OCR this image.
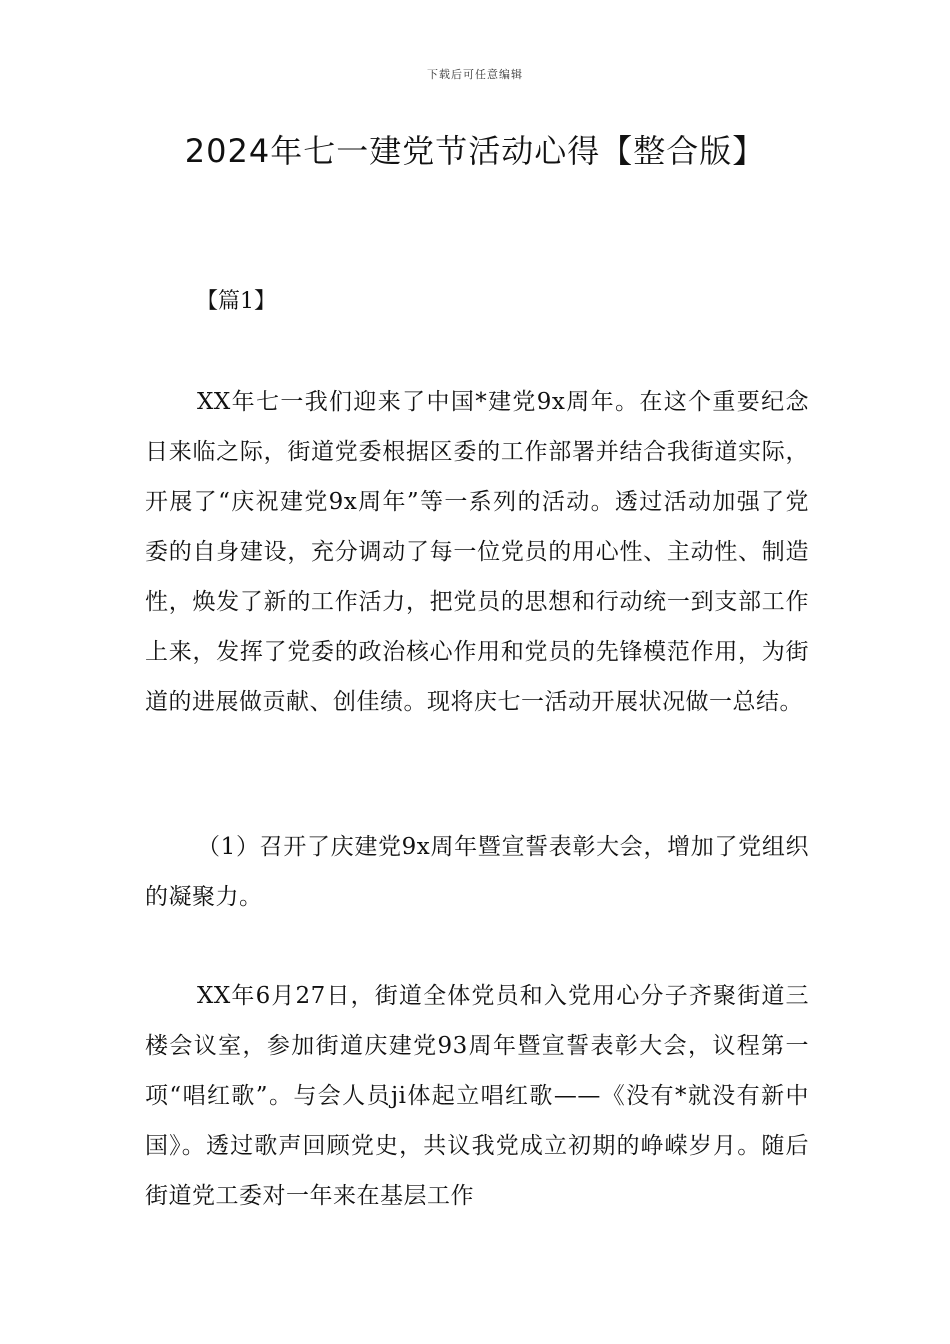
下载后可任意编辑
2024年七一建党节活动心得【整合版】

【篇1】

XX年七一我们迎来了中国*建党9x周年。在这个重要纪念日来临之际，街道党委根据区委的工作部署并结合我街道实际，开展了“庆祝建党9x周年”等一系列的活动。透过活动加强了党委的自身建设，充分调动了每一位党员的用心性、主动性、制造性，焕发了新的工作活力，把党员的思想和行动统一到支部工作上来，发挥了党委的政治核心作用和党员的先锋模范作用，为街道的进展做贡献、创佳绩。现将庆七一活动开展状况做一总结。

（1）召开了庆建党9x周年暨宣誓表彰大会，增加了党组织的凝聚力。

XX年6月27日，街道全体党员和入党用心分子齐聚街道三楼会议室，参加街道庆建党93周年暨宣誓表彰大会，议程第一项“唱红歌”。与会人员ji体起立唱红歌——《没有*就没有新中国》。透过歌声回顾党史，共议我党成立初期的峥嵘岁月。随后街道党工委对一年来在基层工作
